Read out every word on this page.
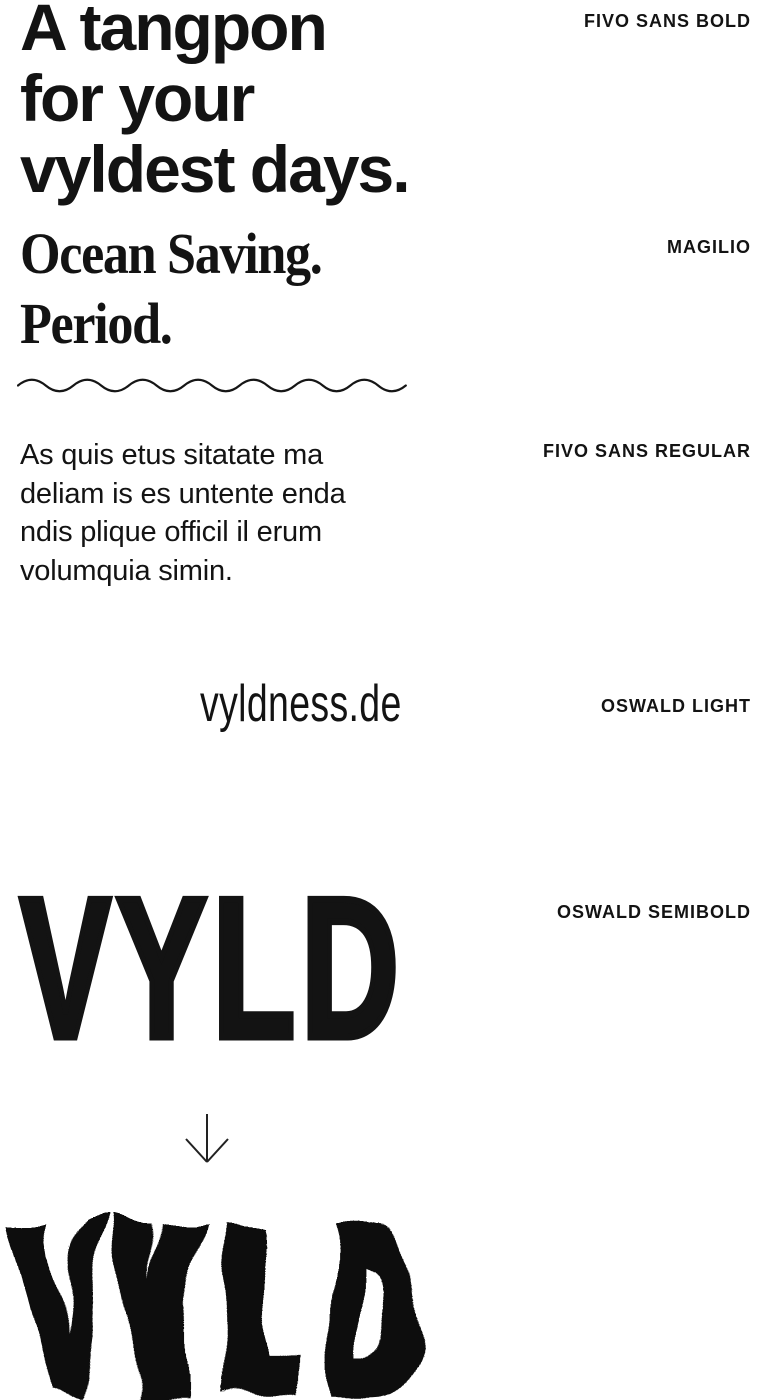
A tangpon
for your
vyldest days.
FIVO SANS BOLD
Ocean Saving.
Period.
MAGILIO
As quis etus sitatate ma
deliam is es untente enda
ndis plique officil il erum
volumquia simin.
FIVO SANS REGULAR
vyldness.de	OSWALD LIGHT
VYLD	OSWALD SEMIBOLD
